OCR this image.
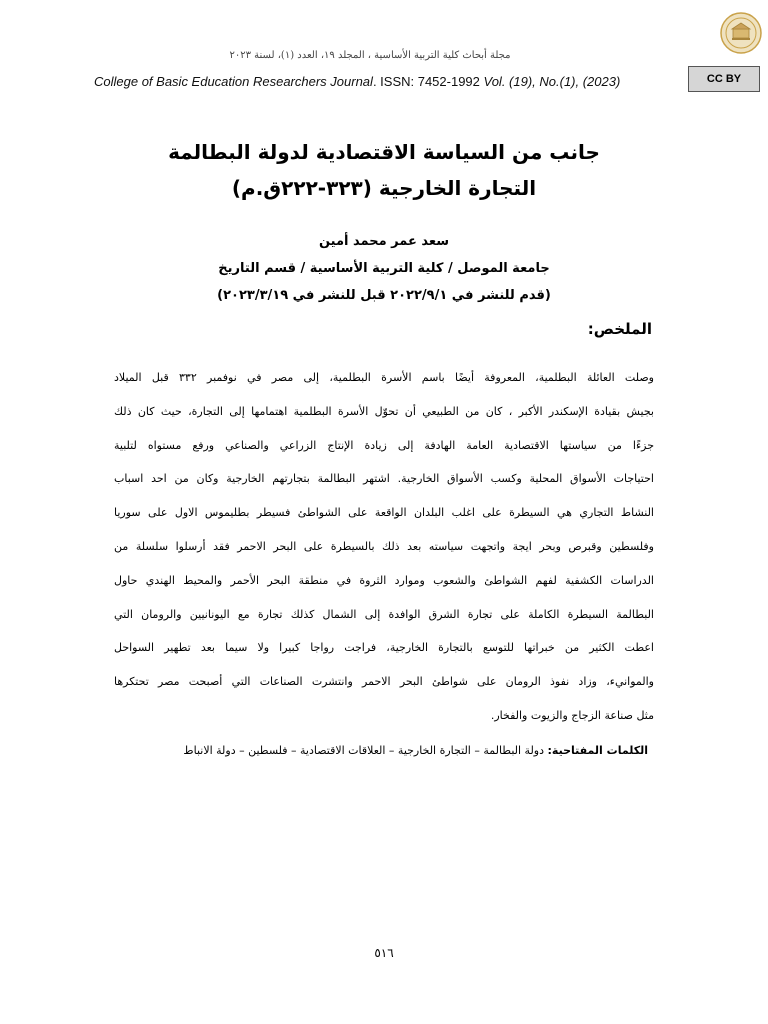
مجلة أبحاث كلية التربية الأساسية ، المجلد ١٩، العدد (١)، لسنة ٢٠٢٣
College of Basic Education Researchers Journal. ISSN: 7452-1992 Vol. (19), No.(1), (2023)	CC BY
جانب من السياسة الاقتصادية لدولة البطالمة
التجارة الخارجية (٣٢٣-٢٢٢ق.م)
سعد عمر محمد أمين
جامعة الموصل / كلية التربية الأساسية / قسم التاريخ
(قدم للنشر في ٢٠٢٢/٩/١ قبل للنشر في ٢٠٢٣/٣/١٩)
الملخص:
وصلت العائلة البطلمية، المعروفة أيضًا باسم الأسرة البطلمية، إلى مصر في نوفمبر ٣٣٢ قبل الميلاد
بجيش بقيادة الإسكندر الأكبر ، كان من الطبيعي أن تحوّل الأسرة البطلمية اهتمامها إلى التجارة، حيث كان ذلك
جزءًا من سياستها الاقتصادية العامة الهادفة إلى زيادة الإنتاج الزراعي والصناعي ورفع مستواه لتلبية
احتياجات الأسواق المحلية وكسب الأسواق الخارجية. اشتهر البطالمة بتجارتهم الخارجية وكان من احد اسباب
النشاط التجاري هي السيطرة على اغلب البلدان الواقعة على الشواطئ فسيطر بطليموس الاول على سوريا
وفلسطين وقبرص وبحر ايجة واتجهت سياسته بعد ذلك بالسيطرة على البحر الاحمر فقد أرسلوا سلسلة من
الدراسات الكشفية لفهم الشواطئ والشعوب وموارد الثروة في منطقة البحر الأحمر والمحيط الهندي حاول
البطالمة السيطرة الكاملة على تجارة الشرق الوافدة إلى الشمال كذلك تجارة مع اليونانيين والرومان التي
اعطت الكثير من خبراتها للتوسع بالتجارة الخارجية، فراجت رواجا كبيرا ولا سيما بعد تطهير السواحل
والموانيء، وزاد نفوذ الرومان على شواطئ البحر الاحمر وانتشرت الصناعات التي أصبحت مصر تحتكرها
مثل صناعة الزجاج والزيوت والفخار.
الكلمات المفتاحية: دولة البطالمة – التجارة الخارجية – العلاقات الاقتصادية – فلسطين – دولة الانباط
٥١٦
